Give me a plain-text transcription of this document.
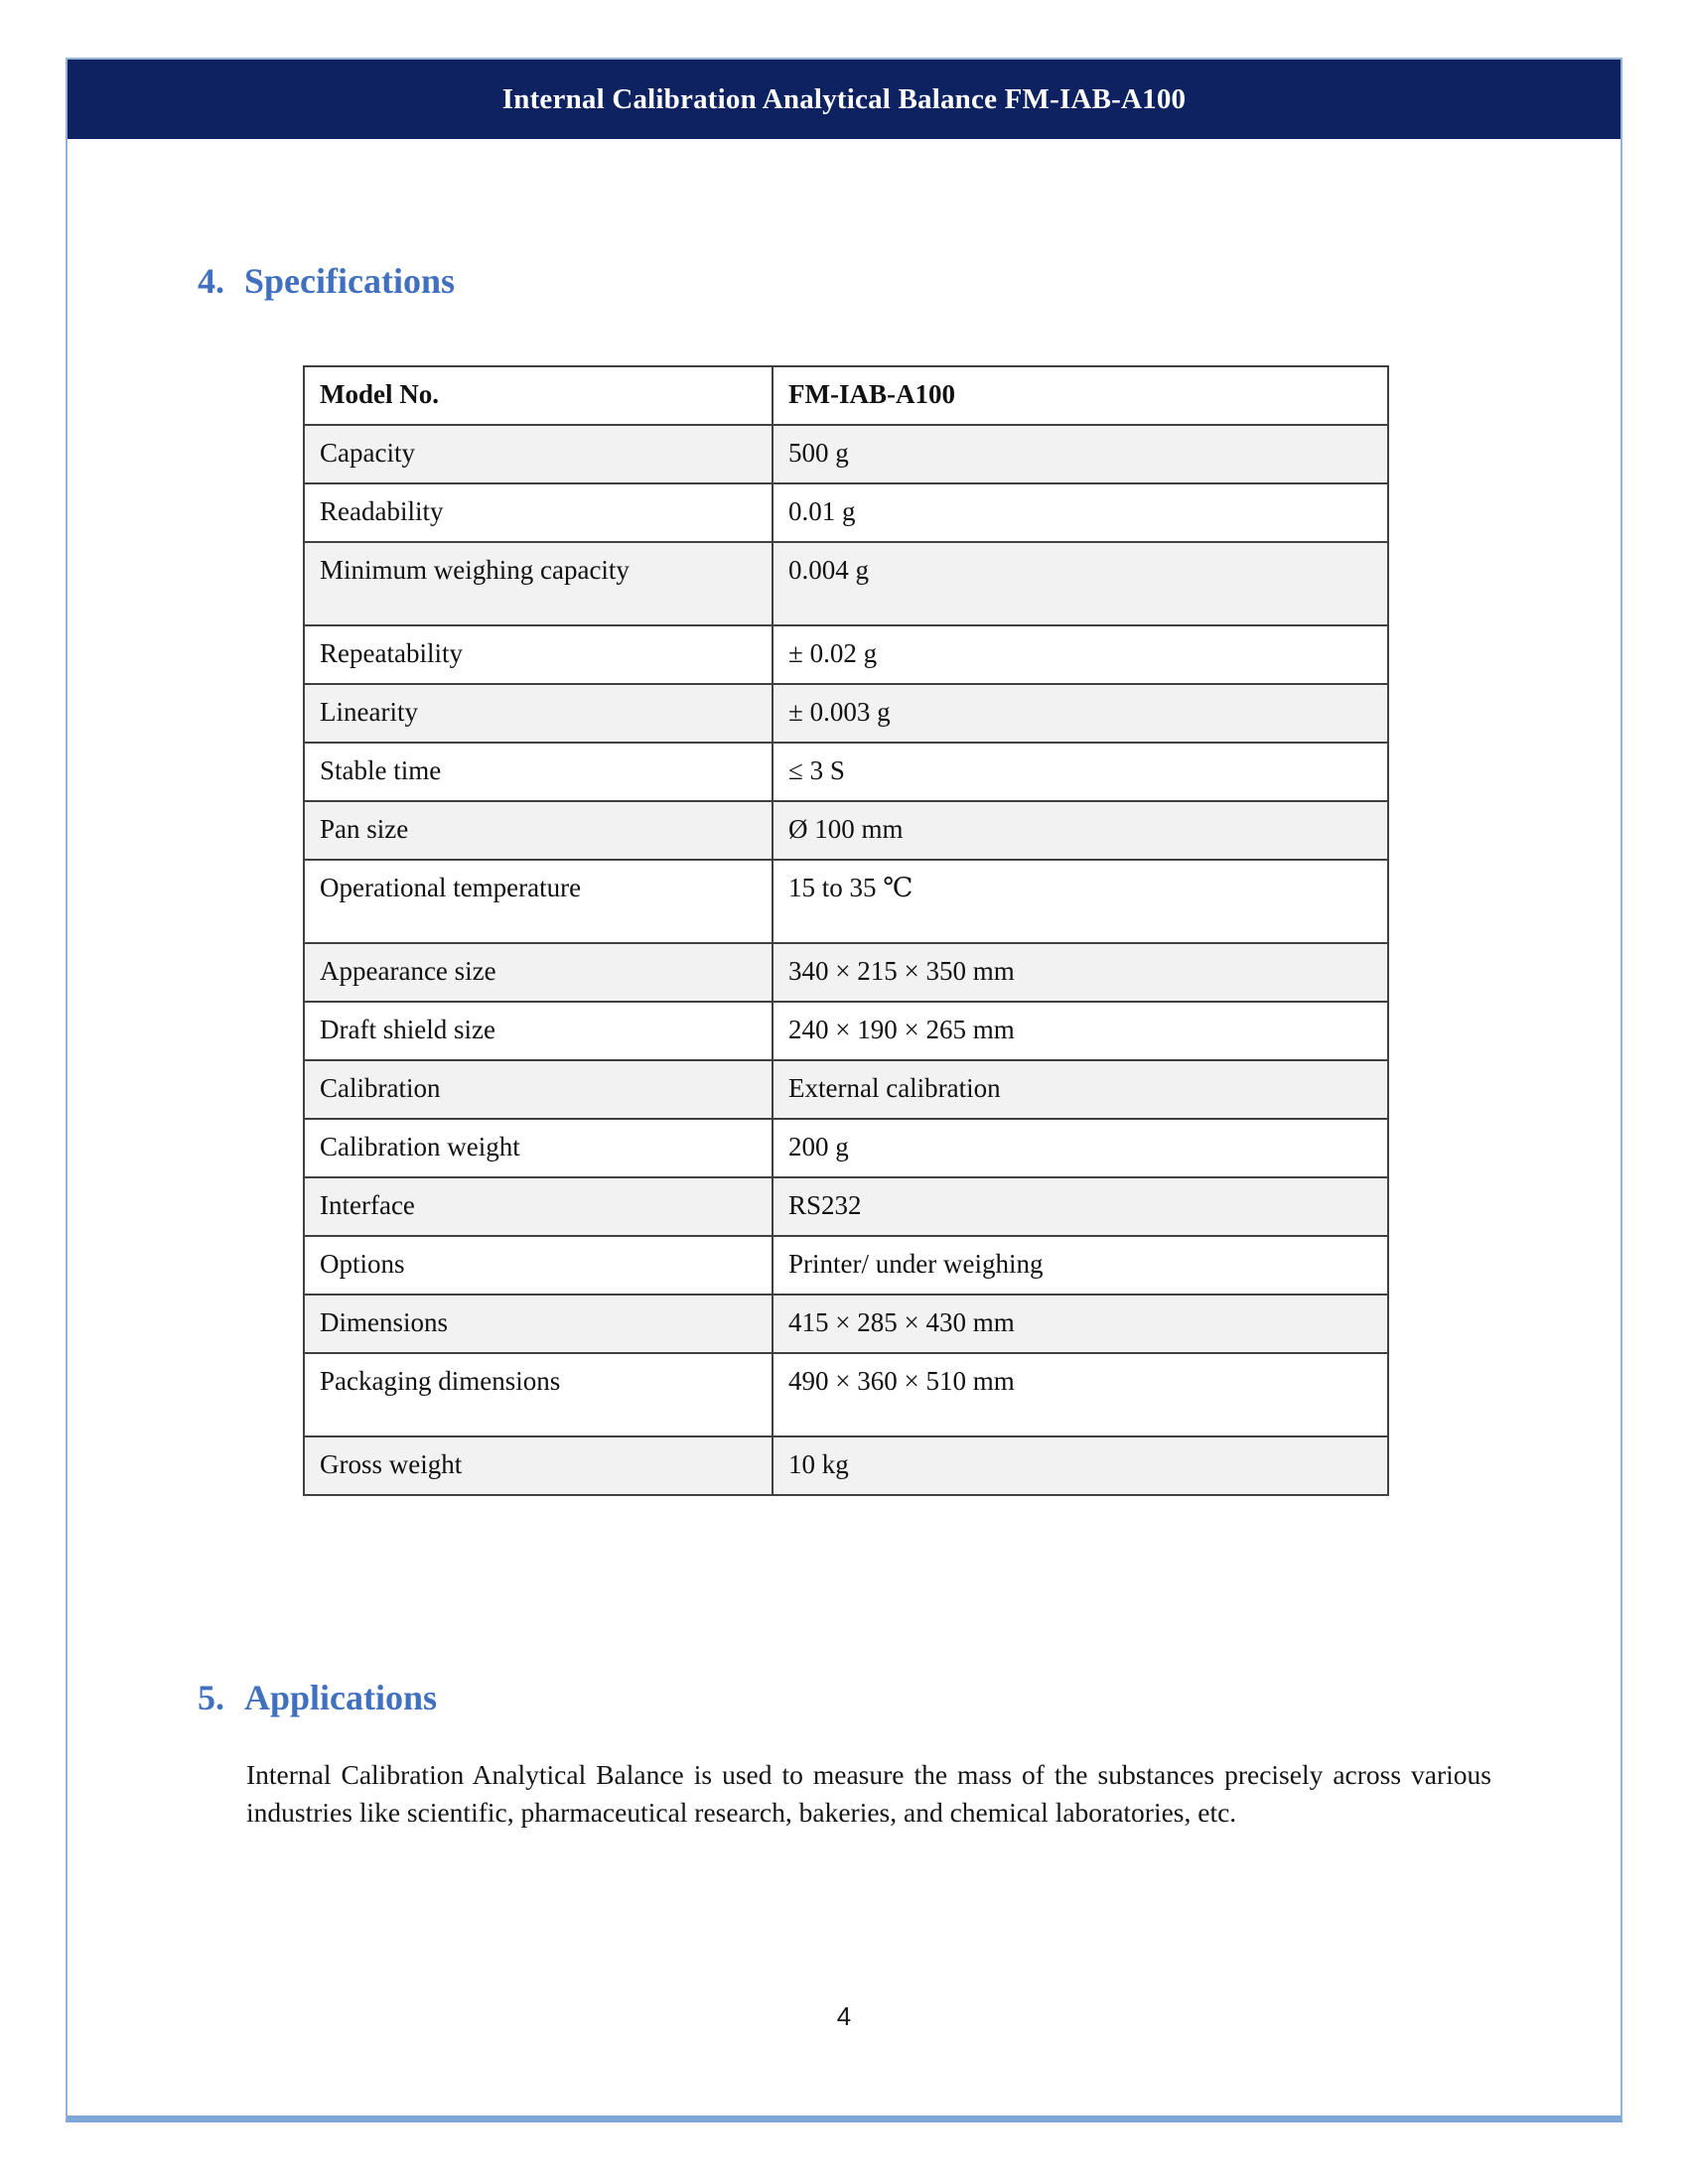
Internal Calibration Analytical Balance FM-IAB-A100
4. Specifications
Model No.	FM-IAB-A100
Capacity	500 g
Readability	0.01 g
Minimum weighing capacity	0.004 g
Repeatability	± 0.02 g
Linearity	± 0.003 g
Stable time	≤ 3 S
Pan size	Ø 100 mm
Operational temperature	15 to 35 ℃
Appearance size	340 × 215 × 350 mm
Draft shield size	240 × 190 × 265 mm
Calibration	External calibration
Calibration weight	200 g
Interface	RS232
Options	Printer/ under weighing
Dimensions	415 × 285 × 430 mm
Packaging dimensions	490 × 360 × 510 mm
Gross weight	10 kg
5. Applications

Internal Calibration Analytical Balance is used to measure the mass of the substances precisely across various industries like scientific, pharmaceutical research, bakeries, and chemical laboratories, etc.

4
